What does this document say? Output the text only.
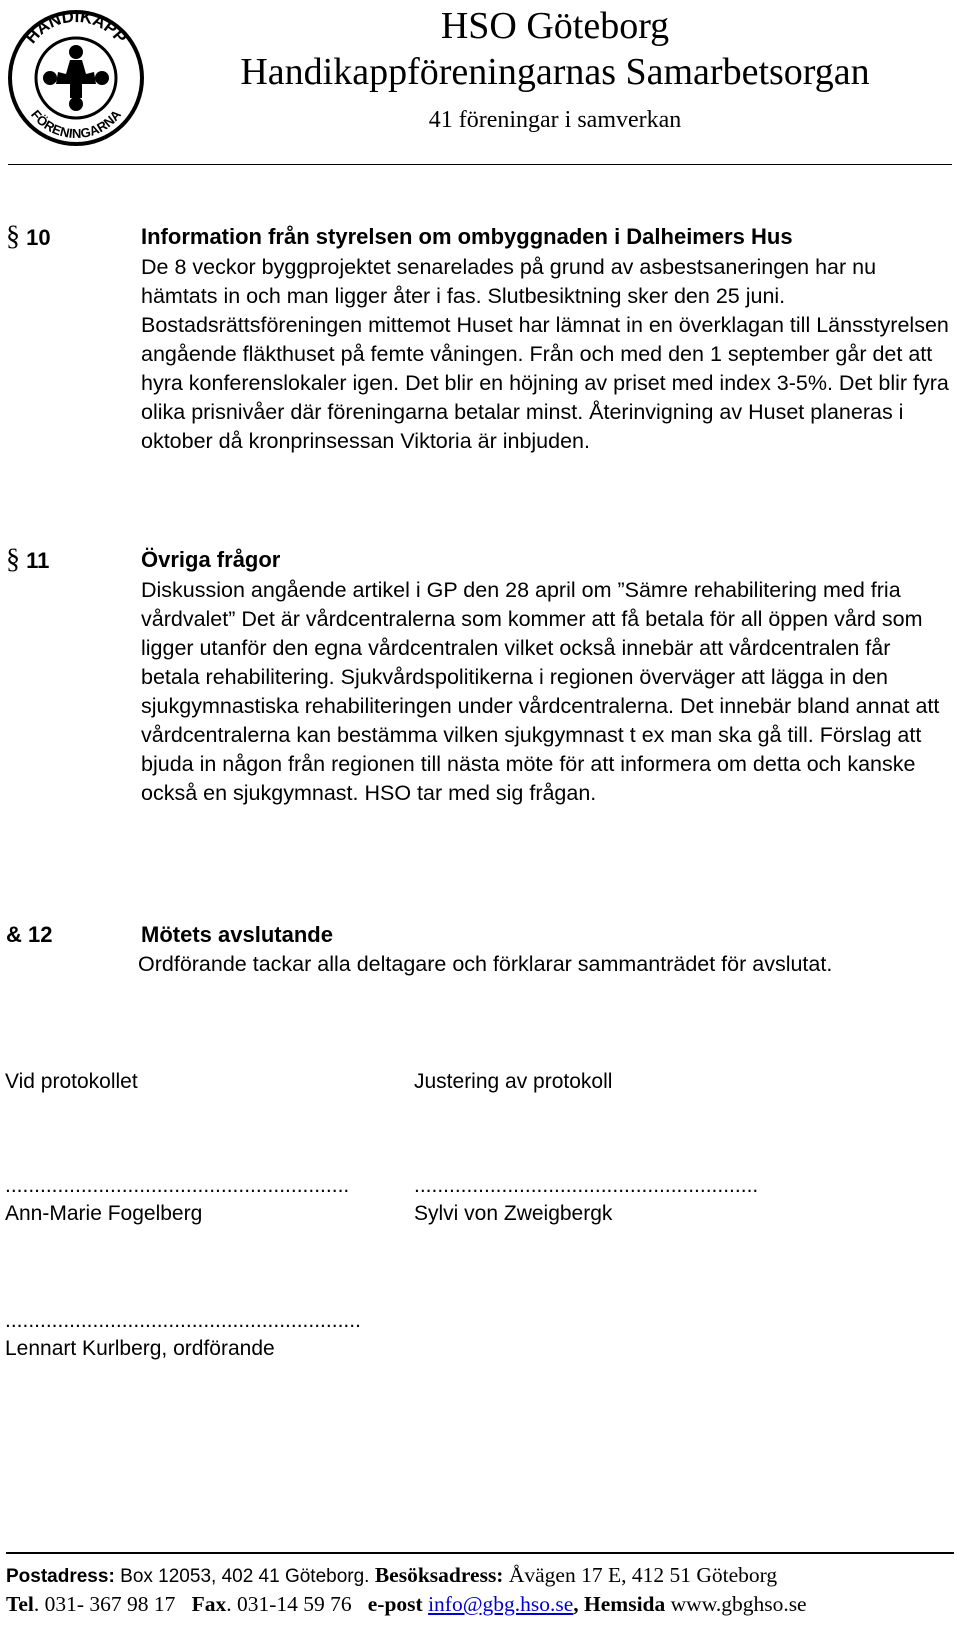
HANDIKAPP
FÖRENINGARNA
HSO Göteborg
Handikappföreningarnas Samarbetsorgan
41 föreningar i samverkan
§ 10	Information från styrelsen om ombyggnaden i Dalheimers Hus
De 8 veckor byggprojektet senarelades på grund av asbestsaneringen har nu hämtats in och man ligger åter i fas. Slutbesiktning sker den 25 juni. Bostadsrättsföreningen mittemot Huset har lämnat in en överklagan till Länsstyrelsen angående fläkthuset på femte våningen. Från och med den 1 september går det att hyra konferenslokaler igen. Det blir en höjning av priset med index 3-5%. Det blir fyra olika prisnivåer där föreningarna betalar minst. Återinvigning av Huset planeras i oktober då kronprinsessan Viktoria är inbjuden.
§ 11	Övriga frågor
Diskussion angående artikel i GP den 28 april om ”Sämre rehabilitering med fria vårdvalet” Det är vårdcentralerna som kommer att få betala för all öppen vård som ligger utanför den egna vårdcentralen vilket också innebär att vårdcentralen får betala rehabilitering. Sjukvårdspolitikerna i regionen överväger att lägga in den sjukgymnastiska rehabiliteringen under vårdcentralerna. Det innebär bland annat att vårdcentralerna kan bestämma vilken sjukgymnast t ex man ska gå till. Förslag att bjuda in någon från regionen till nästa möte för att informera om detta och kanske också en sjukgymnast. HSO tar med sig frågan.
& 12	Mötets avslutande
Ordförande tackar alla deltagare och förklarar sammanträdet för avslutat.
Vid protokollet	Justering av protokoll
...........................................................	...........................................................
Ann-Marie Fogelberg	Sylvi von Zweigbergk
.............................................................
Lennart Kurlberg, ordförande
Postadress: Box 12053, 402 41 Göteborg. Besöksadress: Åvägen 17 E, 412 51 Göteborg
Tel. 031- 367 98 17 Fax. 031-14 59 76 e-post info@gbg.hso.se, Hemsida www.gbghso.se
